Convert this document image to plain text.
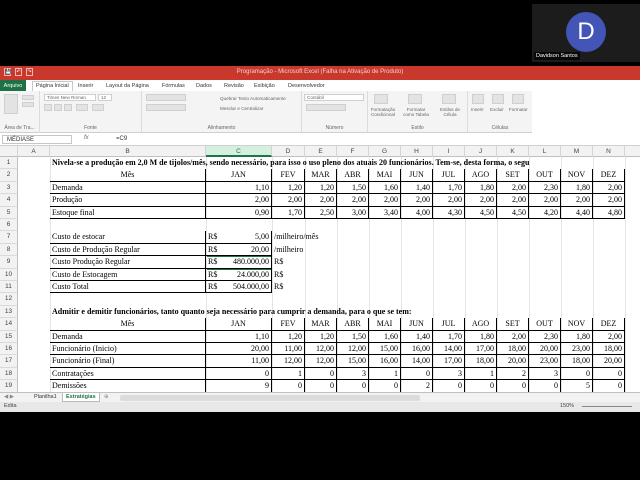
💾 ↶ ↷	Programação - Microsoft Excel (Falha na Ativação de Produto)
Arquivo	Página Inicial	Inserir Layout da Página Fórmulas Dados Revisão Exibição Desenvolvedor
Área de Tra...
Times New Roman	12
Fonte
Quebrar Texto Automaticamente
Mesclar e Centralizar
Alinhamento
Contábil
Número
Formatação Condicional
Formatar como Tabela
Estilos de Célula
Estilo
Inserir Excluir Formatar
Células
MÉDIASE	fx	=C9
A	B	C	D	E	F	G	H	I	J	K	L	M	N
1
2
3
4
5
6
7
8
9
10
11
12
13
14
15
16
17
18
19
Nivela-se a produção em 2,0 M de tijolos/mês, sendo necessário, para isso o uso pleno dos atuais 20 funcionários. Tem-se, desta forma, o segu
Mês	JAN	FEV	MAR	ABR	MAI	JUN	JUL	AGO	SET	OUT	NOV	DEZ
Demanda	1,10	1,20	1,20	1,50	1,60	1,40	1,70	1,80	2,00	2,30	1,80	2,00
Produção	2,00	2,00	2,00	2,00	2,00	2,00	2,00	2,00	2,00	2,00	2,00	2,00
Estoque final	0,90	1,70	2,50	3,00	3,40	4,00	4,30	4,50	4,50	4,20	4,40	4,80
Custo de estocar	R$	5,00 /milheiro/mês
Custo de Produção Regular	R$	20,00 /milheiro
Custo Produção Regular	R$ 480.000,00 R$
Custo de Estocagem	R$ 24.000,00 R$
Custo Total	R$ 504.000,00 R$
Admitir e demitir funcionários, tanto quanto seja necessário para cumprir a demanda, para o que se tem:
Mês	JAN	FEV	MAR	ABR	MAI	JUN	JUL	AGO	SET	OUT	NOV	DEZ
Demanda	1,10	1,20	1,20	1,50	1,60	1,40	1,70	1,80	2,00	2,30	1,80	2,00
Funcionário (Inicio)	20,00	11,00	12,00	12,00	15,00	16,00	14,00	17,00	18,00	20,00	23,00	18,00
Funcionário (Final)	11,00	12,00	12,00	15,00	16,00	14,00	17,00	18,00	20,00	23,00	18,00	20,00
Contratações	0	1	0	3	1	0	3	1	2	3	0	0
Demissões	9	0	0	0	0	2	0	0	0	0	5	0
◀ ▶	Planilha1	Estratégias	⊕
Edita	150%
D
Davidson Santos
